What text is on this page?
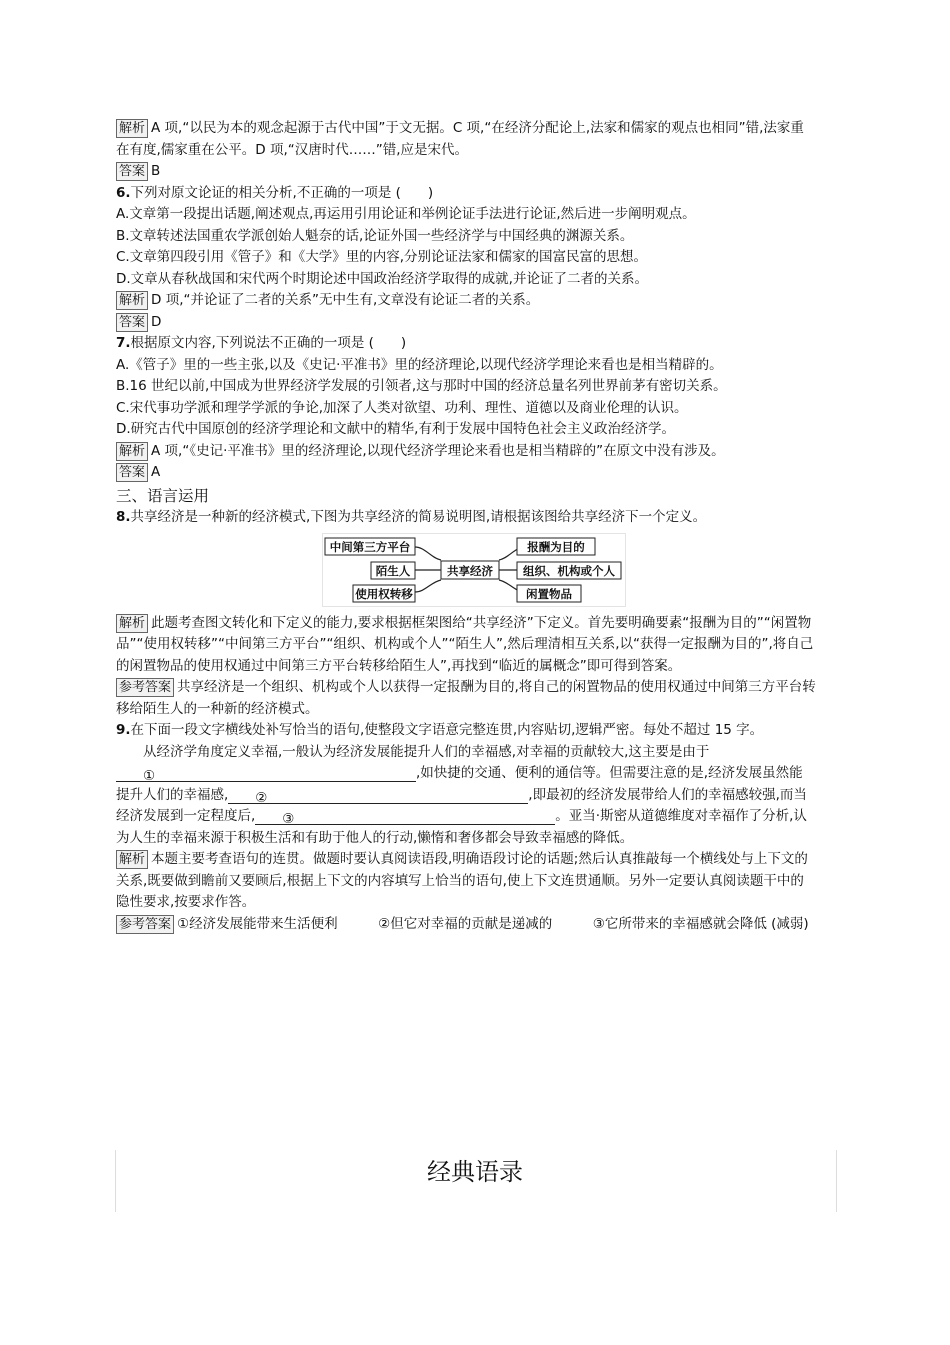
解析 A 项,“以民为本的观念起源于古代中国”于文无据。C 项,“在经济分配论上,法家和儒家的观点也相同”错,法家重在有度,儒家重在公平。D 项,“汉唐时代……”错,应是宋代。

答案 B

6.下列对原文论证的相关分析,不正确的一项是 (　　)

A.文章第一段提出话题,阐述观点,再运用引用论证和举例论证手法进行论证,然后进一步阐明观点。

B.文章转述法国重农学派创始人魁奈的话,论证外国一些经济学与中国经典的渊源关系。

C.文章第四段引用《管子》和《大学》里的内容,分别论证法家和儒家的国富民富的思想。

D.文章从春秋战国和宋代两个时期论述中国政治经济学取得的成就,并论证了二者的关系。

解析 D 项,“并论证了二者的关系”无中生有,文章没有论证二者的关系。

答案 D

7.根据原文内容,下列说法不正确的一项是 (　　)

A.《管子》里的一些主张,以及《史记·平准书》里的经济理论,以现代经济学理论来看也是相当精辟的。

B.16 世纪以前,中国成为世界经济学发展的引领者,这与那时中国的经济总量名列世界前茅有密切关系。

C.宋代事功学派和理学学派的争论,加深了人类对欲望、功利、理性、道德以及商业伦理的认识。

D.研究古代中国原创的经济学理论和文献中的精华,有利于发展中国特色社会主义政治经济学。

解析 A 项,“《史记·平准书》里的经济理论,以现代经济学理论来看也是相当精辟的”在原文中没有涉及。

答案 A

三、语言运用

8.共享经济是一种新的经济模式,下图为共享经济的简易说明图,请根据该图给共享经济下一个定义。

中间第三方平台
陌生人
使用权转移
共享经济
报酬为目的
组织、机构或个人
闲置物品

解析 此题考查图文转化和下定义的能力,要求根据框架图给“共享经济”下定义。首先要明确要素“报酬为目的”“闲置物品”“使用权转移”“中间第三方平台”“组织、机构或个人”“陌生人”,然后理清相互关系,以“获得一定报酬为目的”,将自己的闲置物品的使用权通过中间第三方平台转移给陌生人”,再找到“临近的属概念”即可得到答案。

参考答案 共享经济是一个组织、机构或个人以获得一定报酬为目的,将自己的闲置物品的使用权通过中间第三方平台转移给陌生人的一种新的经济模式。

9.在下面一段文字横线处补写恰当的语句,使整段文字语意完整连贯,内容贴切,逻辑严密。每处不超过 15 字。

从经济学角度定义幸福,一般认为经济发展能提升人们的幸福感,对幸福的贡献较大,这主要是由于①	,如快捷的交通、便利的通信等。但需要注意的是,经济发展虽然能提升人们的幸福感, ②	,即最初的经济发展带给人们的幸福感较强,而当经济发展到一定程度后, ③	。亚当·斯密从道德维度对幸福作了分析,认为人生的幸福来源于积极生活和有助于他人的行动,懒惰和奢侈都会导致幸福感的降低。

解析 本题主要考查语句的连贯。做题时要认真阅读语段,明确语段讨论的话题;然后认真推敲每一个横线处与上下文的关系,既要做到瞻前又要顾后,根据上下文的内容填写上恰当的语句,使上下文连贯通顺。另外一定要认真阅读题干中的隐性要求,按要求作答。

参考答案 ①经济发展能带来生活便利　　　②但它对幸福的贡献是递减的　　　③它所带来的幸福感就会降低 (减弱)

经典语录
